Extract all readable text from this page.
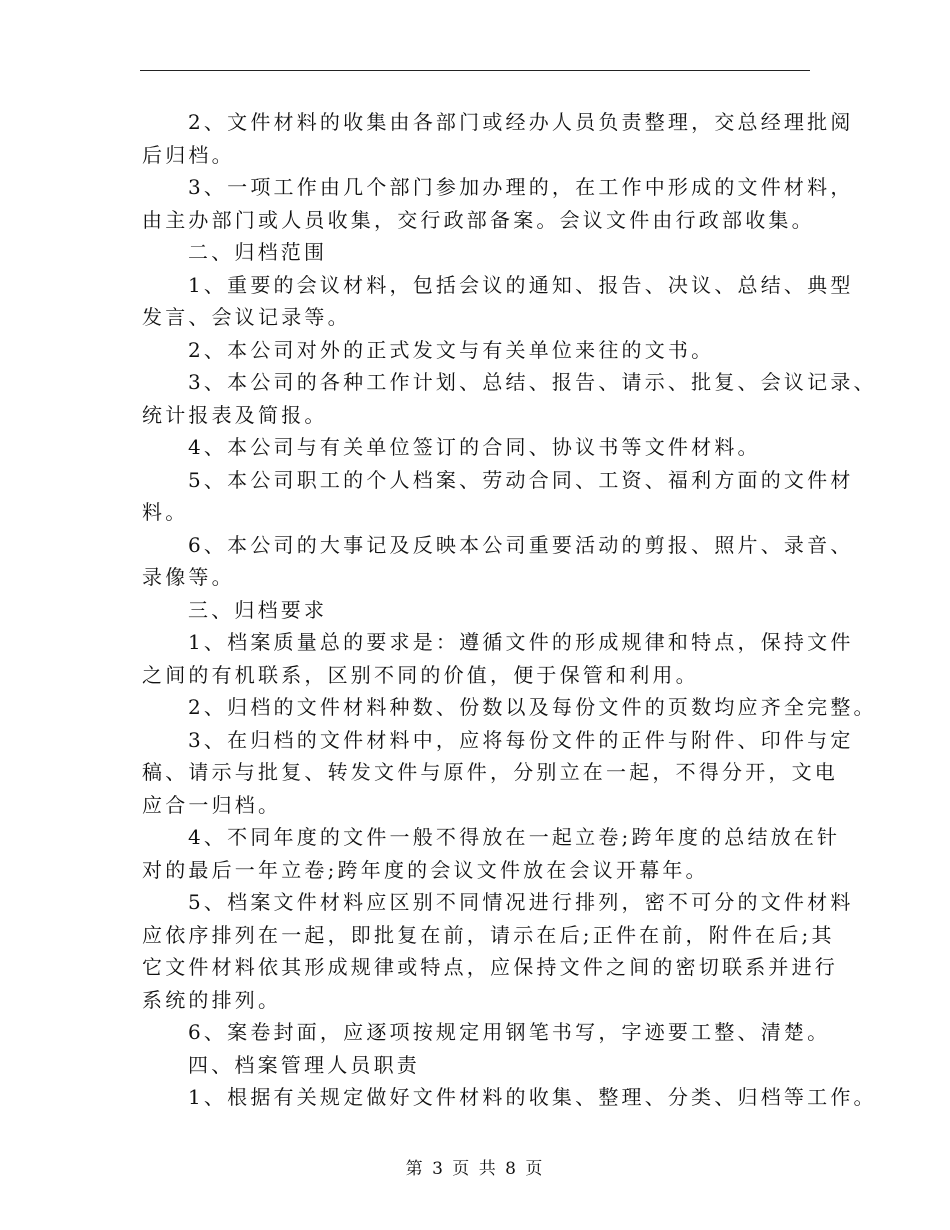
2、文件材料的收集由各部门或经办人员负责整理，交总经理批阅
后归档。
3、一项工作由几个部门参加办理的，在工作中形成的文件材料，
由主办部门或人员收集，交行政部备案。会议文件由行政部收集。
二、归档范围
1、重要的会议材料，包括会议的通知、报告、决议、总结、典型
发言、会议记录等。
2、本公司对外的正式发文与有关单位来往的文书。
3、本公司的各种工作计划、总结、报告、请示、批复、会议记录、
统计报表及简报。
4、本公司与有关单位签订的合同、协议书等文件材料。
5、本公司职工的个人档案、劳动合同、工资、福利方面的文件材
料。
6、本公司的大事记及反映本公司重要活动的剪报、照片、录音、
录像等。
三、归档要求
1、档案质量总的要求是：遵循文件的形成规律和特点，保持文件
之间的有机联系，区别不同的价值，便于保管和利用。
2、归档的文件材料种数、份数以及每份文件的页数均应齐全完整。
3、在归档的文件材料中，应将每份文件的正件与附件、印件与定
稿、请示与批复、转发文件与原件，分别立在一起，不得分开，文电
应合一归档。
4、不同年度的文件一般不得放在一起立卷;跨年度的总结放在针
对的最后一年立卷;跨年度的会议文件放在会议开幕年。
5、档案文件材料应区别不同情况进行排列，密不可分的文件材料
应依序排列在一起，即批复在前，请示在后;正件在前，附件在后;其
它文件材料依其形成规律或特点，应保持文件之间的密切联系并进行
系统的排列。
6、案卷封面，应逐项按规定用钢笔书写，字迹要工整、清楚。
四、档案管理人员职责
1、根据有关规定做好文件材料的收集、整理、分类、归档等工作。
第 3 页 共 8 页
